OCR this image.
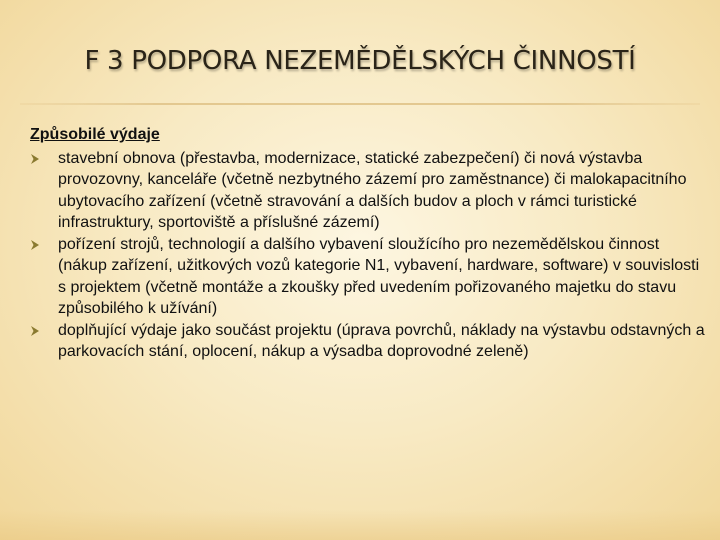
F 3 PODPORA NEZEMĚDĚLSKÝCH ČINNOSTÍ
Způsobilé výdaje
stavební obnova (přestavba, modernizace, statické zabezpečení) či nová výstavba provozovny, kanceláře (včetně nezbytného zázemí pro zaměstnance) či malokapacitního ubytovacího zařízení (včetně stravování a dalších budov a ploch v rámci turistické infrastruktury, sportoviště a příslušné zázemí)
pořízení strojů, technologií a dalšího vybavení sloužícího pro nezemědělskou činnost (nákup zařízení, užitkových vozů kategorie N1, vybavení, hardware, software) v souvislosti s projektem (včetně montáže a zkoušky před uvedením pořizovaného majetku do stavu způsobilého k užívání)
doplňující výdaje jako součást projektu (úprava povrchů, náklady na výstavbu odstavných a parkovacích stání, oplocení, nákup a výsadba doprovodné zeleně)
